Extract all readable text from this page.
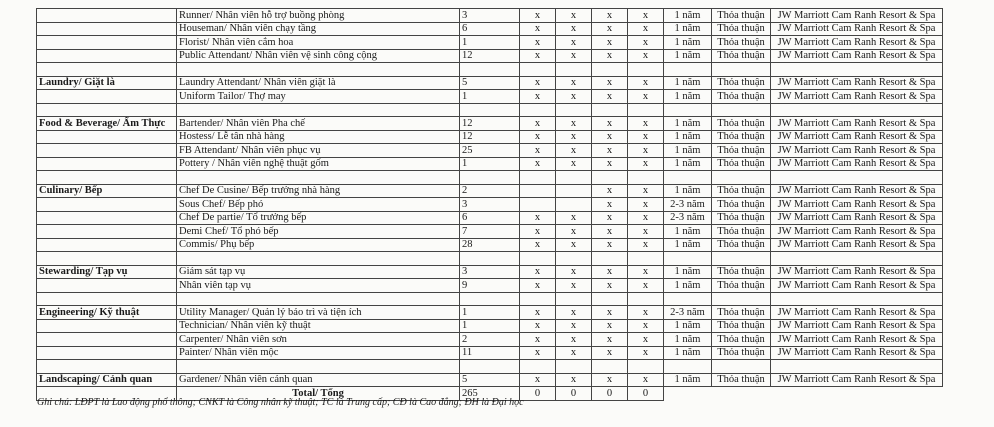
	Runner/ Nhân viên hỗ trợ buồng phòng	3	x	x	x	x	1 năm	Thỏa thuận	JW Marriott Cam Ranh Resort & Spa
	Houseman/ Nhân viên chạy tầng	6	x	x	x	x	1 năm	Thỏa thuận	JW Marriott Cam Ranh Resort & Spa
	Florist/ Nhân viên cắm hoa	1	x	x	x	x	1 năm	Thỏa thuận	JW Marriott Cam Ranh Resort & Spa
	Public Attendant/ Nhân viên vệ sinh công cộng	12	x	x	x	x	1 năm	Thỏa thuận	JW Marriott Cam Ranh Resort & Spa

Laundry/ Giặt là	Laundry Attendant/ Nhân viên giặt là	5	x	x	x	x	1 năm	Thỏa thuận	JW Marriott Cam Ranh Resort & Spa
	Uniform Tailor/ Thợ may	1	x	x	x	x	1 năm	Thỏa thuận	JW Marriott Cam Ranh Resort & Spa

Food & Beverage/ Ẩm Thực	Bartender/ Nhân viên Pha chế	12	x	x	x	x	1 năm	Thỏa thuận	JW Marriott Cam Ranh Resort & Spa
	Hostess/ Lễ tân nhà hàng	12	x	x	x	x	1 năm	Thỏa thuận	JW Marriott Cam Ranh Resort & Spa
	FB Attendant/ Nhân viên phục vụ	25	x	x	x	x	1 năm	Thỏa thuận	JW Marriott Cam Ranh Resort & Spa
	Pottery / Nhân viên nghệ thuật gốm	1	x	x	x	x	1 năm	Thỏa thuận	JW Marriott Cam Ranh Resort & Spa

Culinary/ Bếp	Chef De Cusine/ Bếp trưởng nhà hàng	2			x	x	1 năm	Thỏa thuận	JW Marriott Cam Ranh Resort & Spa
	Sous Chef/ Bếp phó	3			x	x	2-3 năm	Thỏa thuận	JW Marriott Cam Ranh Resort & Spa
	Chef De partie/ Tổ trưởng bếp	6	x	x	x	x	2-3 năm	Thỏa thuận	JW Marriott Cam Ranh Resort & Spa
	Demi Chef/ Tổ phó bếp	7	x	x	x	x	1 năm	Thỏa thuận	JW Marriott Cam Ranh Resort & Spa
	Commis/ Phụ bếp	28	x	x	x	x	1 năm	Thỏa thuận	JW Marriott Cam Ranh Resort & Spa

Stewarding/ Tạp vụ	Giám sát tạp vụ	3	x	x	x	x	1 năm	Thỏa thuận	JW Marriott Cam Ranh Resort & Spa
	Nhân viên tạp vụ	9	x	x	x	x	1 năm	Thỏa thuận	JW Marriott Cam Ranh Resort & Spa

Engineering/ Kỹ thuật	Utility Manager/ Quản lý bảo trì và tiện ích	1	x	x	x	x	2-3 năm	Thỏa thuận	JW Marriott Cam Ranh Resort & Spa
	Technician/ Nhân viên kỹ thuật	1	x	x	x	x	1 năm	Thỏa thuận	JW Marriott Cam Ranh Resort & Spa
	Carpenter/ Nhân viên sơn	2	x	x	x	x	1 năm	Thỏa thuận	JW Marriott Cam Ranh Resort & Spa
	Painter/ Nhân viên mộc	11	x	x	x	x	1 năm	Thỏa thuận	JW Marriott Cam Ranh Resort & Spa

Landscaping/ Cảnh quan	Gardener/ Nhân viên cảnh quan	5	x	x	x	x	1 năm	Thỏa thuận	JW Marriott Cam Ranh Resort & Spa
	Total/ Tổng	265	0	0	0	0			
Ghi chú: LĐPT là Lao động phổ thông; CNKT là Công nhân kỹ thuật; TC là Trung cấp; CĐ là Cao đẳng; ĐH là Đại học
